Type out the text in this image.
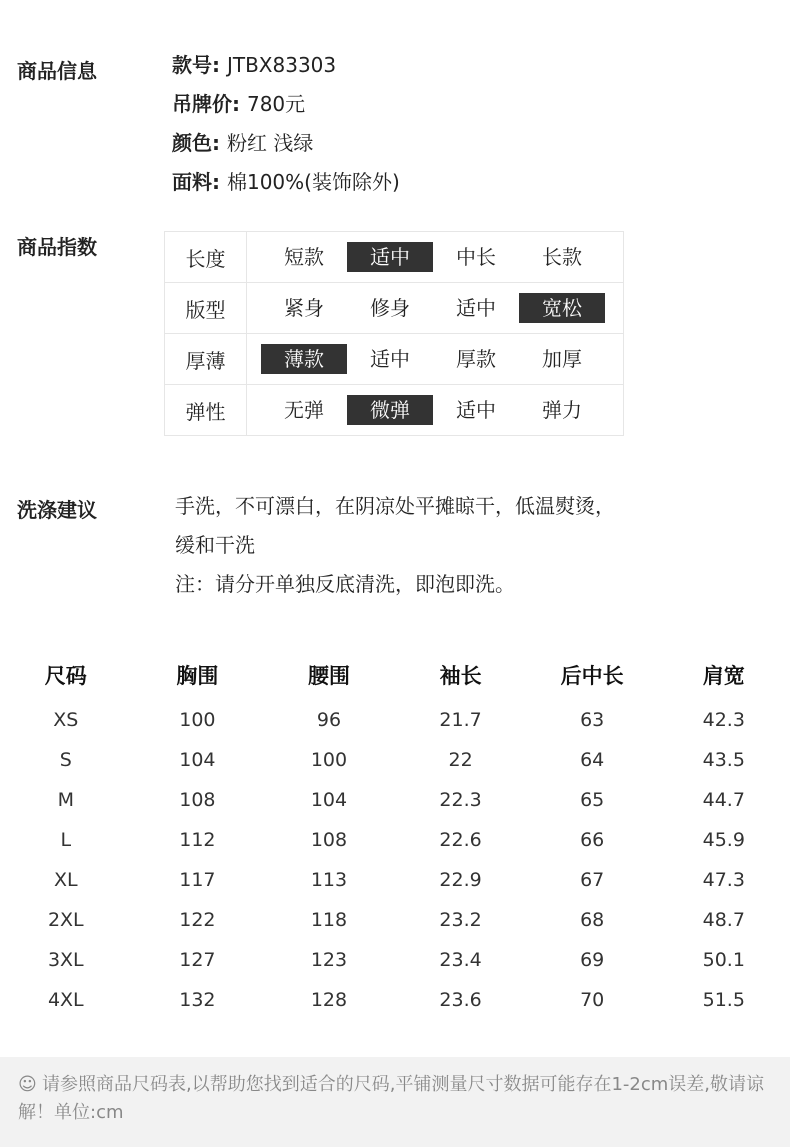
商品信息	款号: JTBX83303
吊牌价: 780元
颜色: 粉红 浅绿
面料: 棉100%(装饰除外)
商品指数	长度	短款 适中 中长 长款

版型	紧身 修身 适中 宽松

厚薄	薄款 适中 厚款 加厚

弹性	无弹 微弹 适中 弹力
洗涤建议	手洗，不可漂白，在阴凉处平摊晾干，低温熨烫，
缓和干洗
注：请分开单独反底清洗，即泡即洗。
尺码	胸围	腰围	袖长	后中长	肩宽
XS	100	96	21.7	63	42.3
S	104	100	22	64	43.5
M	108	104	22.3	65	44.7
L	112	108	22.6	66	45.9
XL	117	113	22.9	67	47.3
2XL	122	118	23.2	68	48.7
3XL	127	123	23.4	69	50.1
4XL	132	128	23.6	70	51.5
☺ 请参照商品尺码表,以帮助您找到适合的尺码,平铺测量尺寸数据可能存在1-2cm误差,敬请谅解！单位:cm
